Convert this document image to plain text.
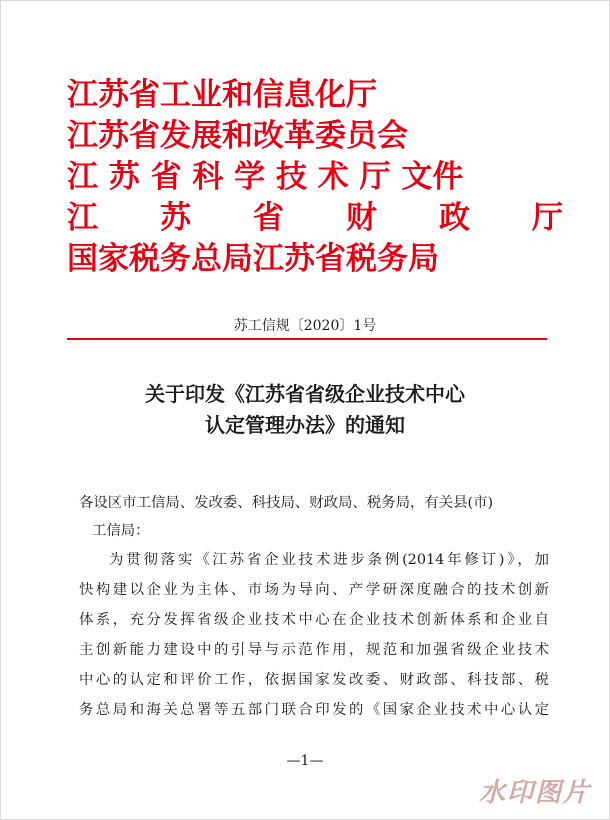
江苏省工业和信息化厅
江苏省发展和改革委员会
江 苏 省 科 学 技 术 厅 文件
江　　苏　　省　　财　　政　　厅
国家税务总局江苏省税务局
苏工信规〔2020〕1号
关于印发《江苏省省级企业技术中心
认定管理办法》的通知
各设区市工信局、发改委、科技局、财政局、税务局，有关县(市)
工信局：
为贯彻落实《江苏省企业技术进步条例(2014年修订)》，加
快构建以企业为主体、市场为导向、产学研深度融合的技术创新
体系，充分发挥省级企业技术中心在企业技术创新体系和企业自
主创新能力建设中的引导与示范作用，规范和加强省级企业技术
中心的认定和评价工作，依据国家发改委、财政部、科技部、税
务总局和海关总署等五部门联合印发的《国家企业技术中心认定
—1—
水印图片
